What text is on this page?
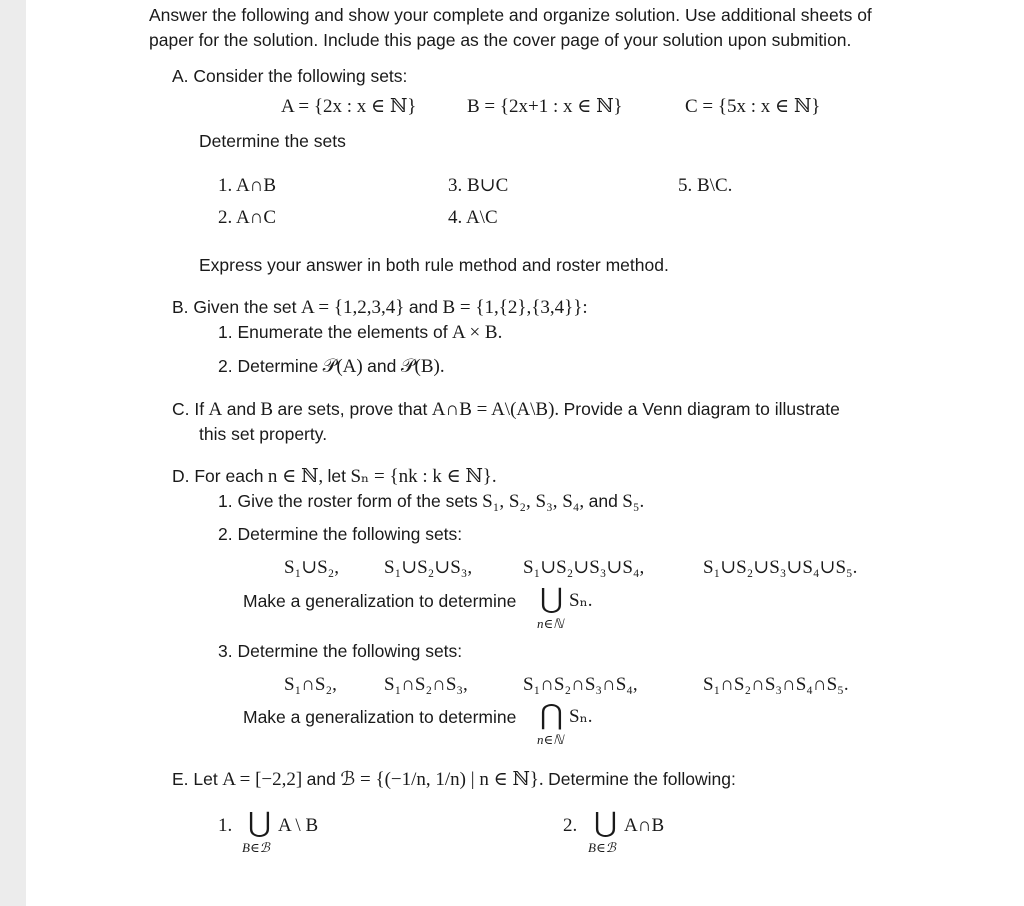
Answer the following and show your complete and organize solution. Use additional sheets of
paper for the solution. Include this page as the cover page of your solution upon submition.
A. Consider the following sets:
A = {2x : x ∈ ℕ}	B = {2x+1 : x ∈ ℕ}	C = {5x : x ∈ ℕ}
Determine the sets
1. A∩B
2. A∩C
3. B∪C
4. A\C
5. B\C.
Express your answer in both rule method and roster method.
B. Given the set A = {1,2,3,4} and B = {1,{2},{3,4}}:
1. Enumerate the elements of A × B.
2. Determine 𝒫(A) and 𝒫(B).
C. If A and B are sets, prove that A∩B = A\(A\B). Provide a Venn diagram to illustrate
this set property.
D. For each n ∈ ℕ, let Sₙ = {nk : k ∈ ℕ}.
1. Give the roster form of the sets S₁, S₂, S₃, S₄, and S₅.
2. Determine the following sets:
S₁∪S₂, S₁∪S₂∪S₃,	S₁∪S₂∪S₃∪S₄,	S₁∪S₂∪S₃∪S₄∪S₅.
Make a generalization to determine ⋃ Sₙ.
n∈ℕ
3. Determine the following sets:
S₁∩S₂, S₁∩S₂∩S₃,	S₁∩S₂∩S₃∩S₄,	S₁∩S₂∩S₃∩S₄∩S₅.
Make a generalization to determine ⋂ Sₙ.
n∈ℕ
E. Let A = [−2,2] and ℬ = {(−1/n, 1/n) | n ∈ ℕ}. Determine the following:
1. ⋃ A \ B
B∈ℬ
2. ⋃ A∩B
B∈ℬ
